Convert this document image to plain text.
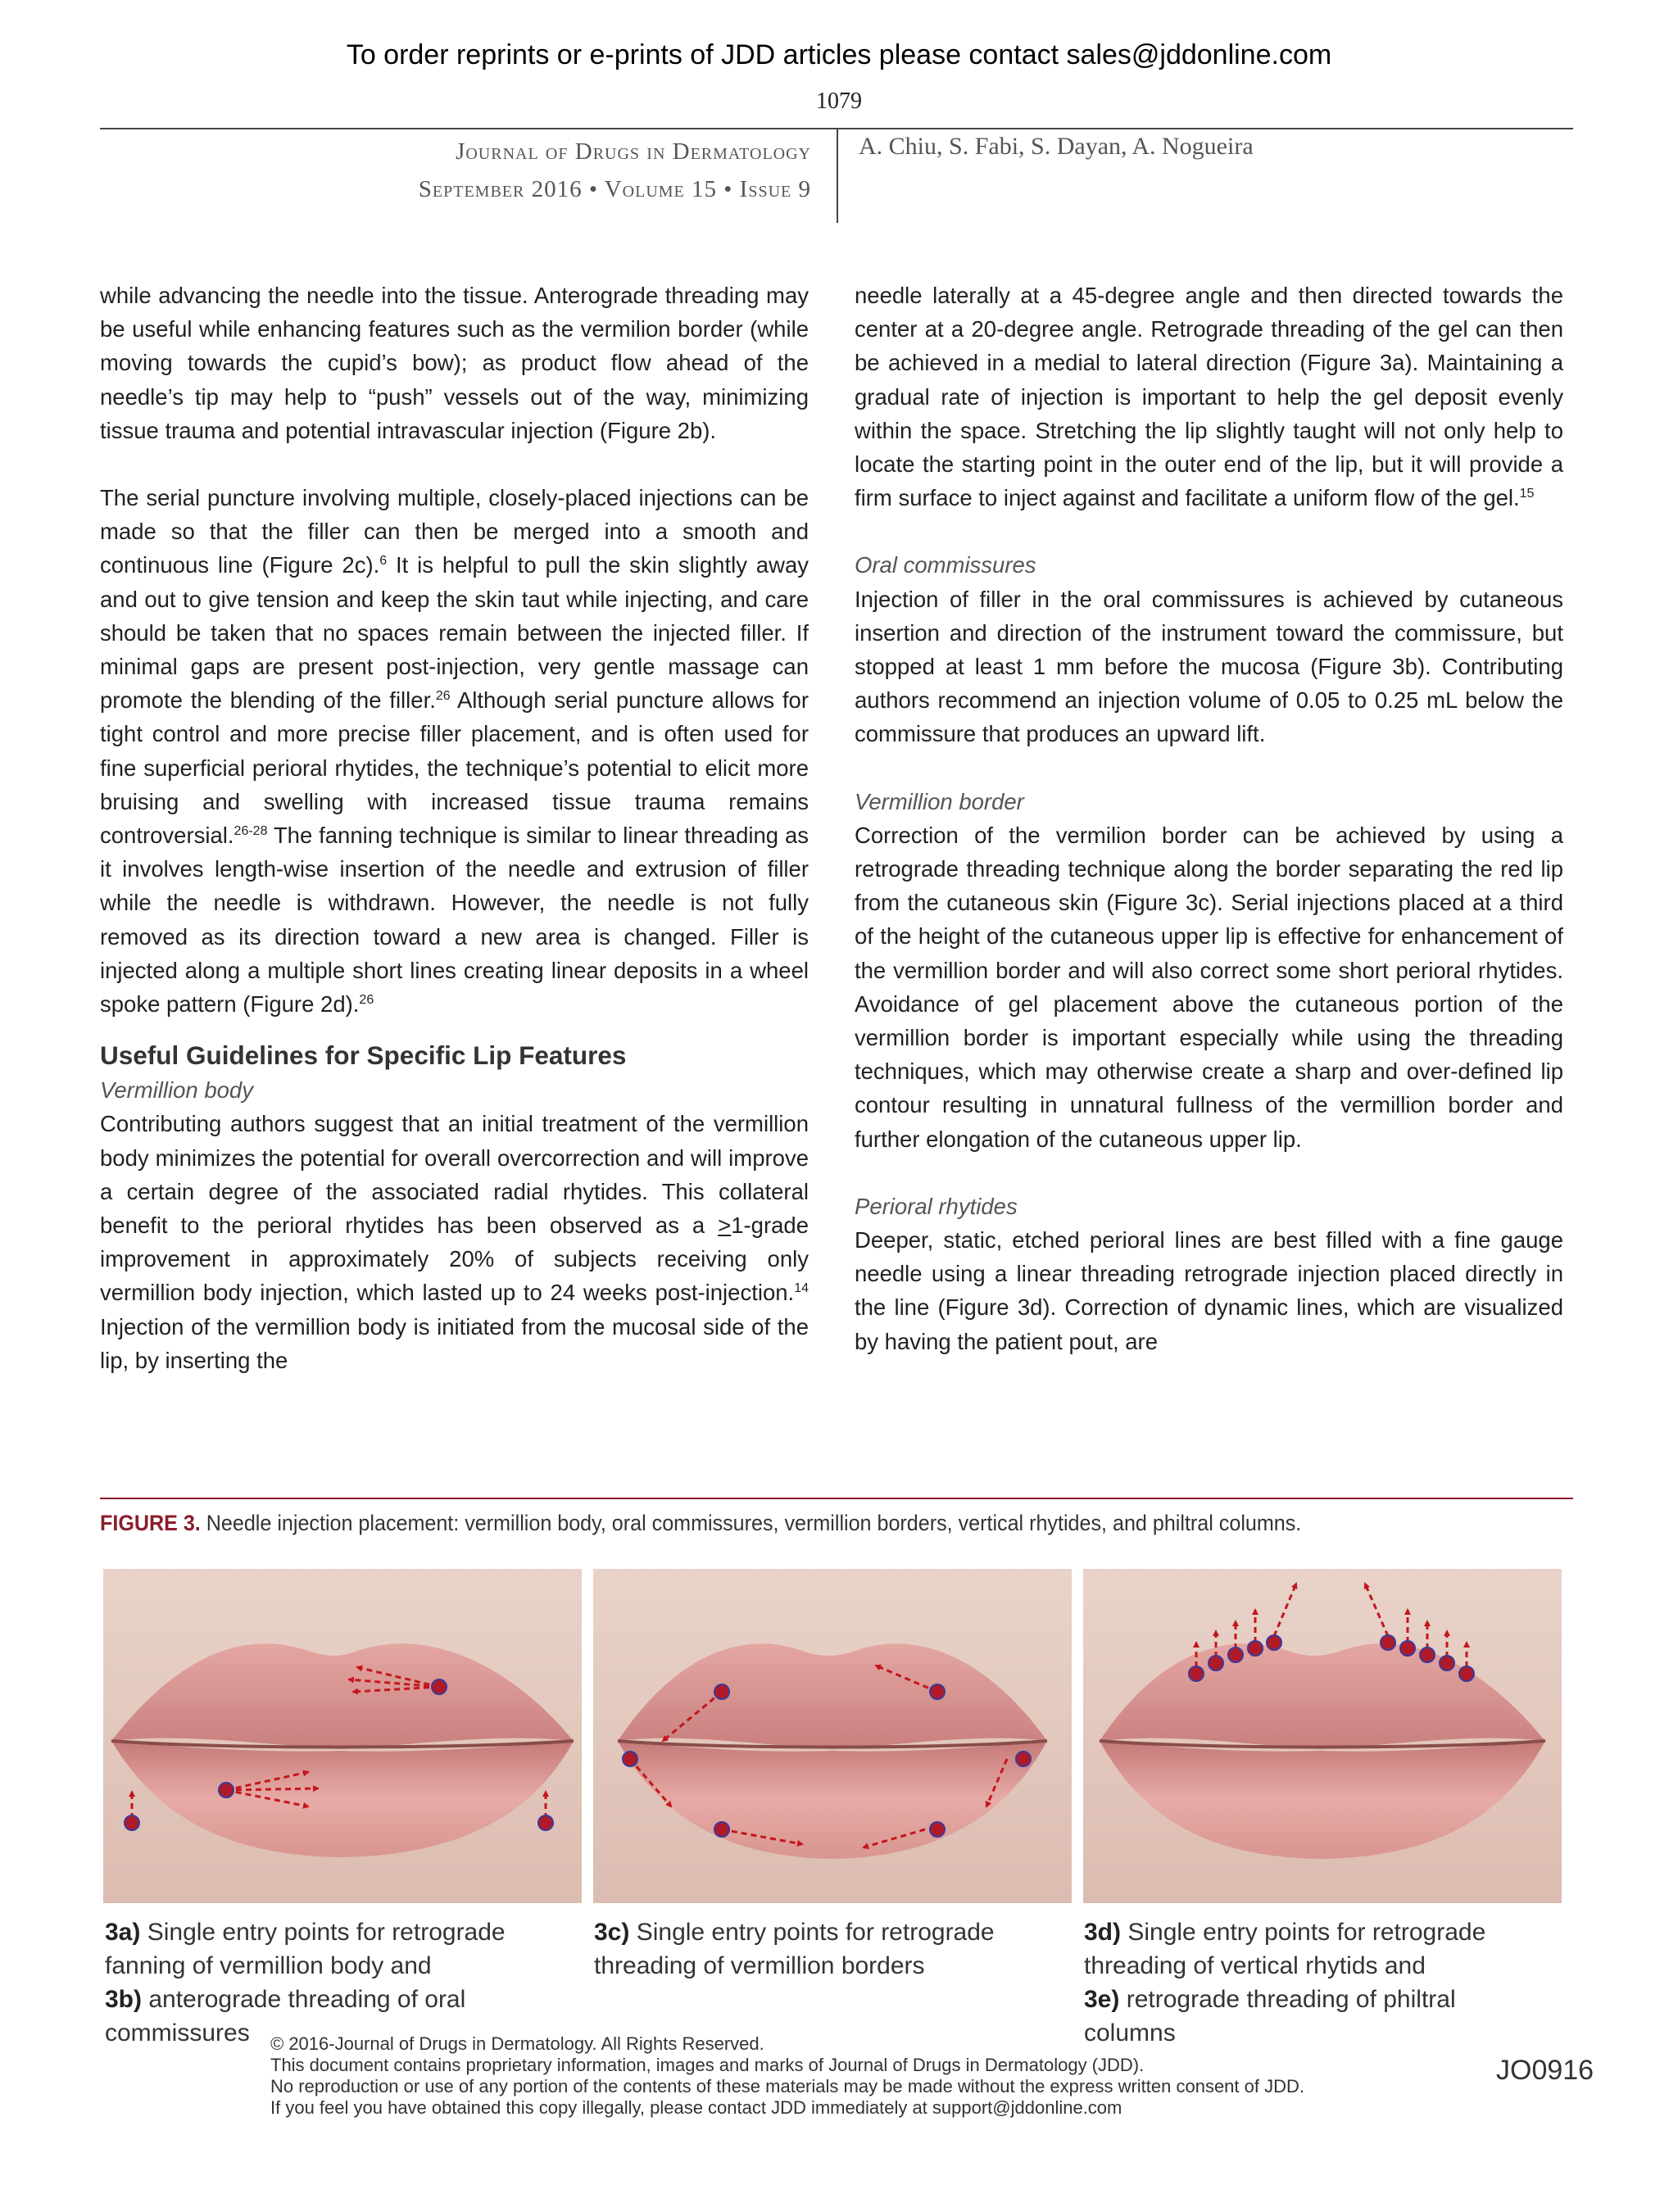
To order reprints or e-prints of JDD articles please contact sales@jddonline.com
1079
Journal of Drugs in Dermatology
September 2016 • Volume 15 • Issue 9
A. Chiu, S. Fabi, S. Dayan, A. Nogueira

while advancing the needle into the tissue. Anterograde threading may be useful while enhancing features such as the vermilion border (while moving towards the cupid’s bow); as product flow ahead of the needle’s tip may help to “push” vessels out of the way, minimizing tissue trauma and potential intravascular injection (Figure 2b).

The serial puncture involving multiple, closely-placed injections can be made so that the filler can then be merged into a smooth and continuous line (Figure 2c).$^6$ It is helpful to pull the skin slightly away and out to give tension and keep the skin taut while injecting, and care should be taken that no spaces remain between the injected filler. If minimal gaps are present post-injection, very gentle massage can promote the blending of the filler.$^{26}$ Although serial puncture allows for tight control and more precise filler placement, and is often used for fine superficial perioral rhytides, the technique’s potential to elicit more bruising and swelling with increased tissue trauma remains controversial.$^{26-28}$ The fanning technique is similar to linear threading as it involves length-wise insertion of the needle and extrusion of filler while the needle is withdrawn. However, the needle is not fully removed as its direction toward a new area is changed. Filler is injected along a multiple short lines creating linear deposits in a wheel spoke pattern (Figure 2d).$^{26}$

Useful Guidelines for Specific Lip Features

Vermillion body

Contributing authors suggest that an initial treatment of the vermillion body minimizes the potential for overall overcorrection and will improve a certain degree of the associated radial rhytides. This collateral benefit to the perioral rhytides has been observed as a >1-grade improvement in approximately 20% of subjects receiving only vermillion body injection, which lasted up to 24 weeks post-injection.$^{14}$ Injection of the vermillion body is initiated from the mucosal side of the lip, by inserting the

needle laterally at a 45-degree angle and then directed towards the center at a 20-degree angle. Retrograde threading of the gel can then be achieved in a medial to lateral direction (Figure 3a). Maintaining a gradual rate of injection is important to help the gel deposit evenly within the space. Stretching the lip slightly taught will not only help to locate the starting point in the outer end of the lip, but it will provide a firm surface to inject against and facilitate a uniform flow of the gel.$^{15}$

Oral commissures

Injection of filler in the oral commissures is achieved by cutaneous insertion and direction of the instrument toward the commissure, but stopped at least 1 mm before the mucosa (Figure 3b). Contributing authors recommend an injection volume of 0.05 to 0.25 mL below the commissure that produces an upward lift.

Vermillion border

Correction of the vermilion border can be achieved by using a retrograde threading technique along the border separating the red lip from the cutaneous skin (Figure 3c). Serial injections placed at a third of the height of the cutaneous upper lip is effective for enhancement of the vermillion border and will also correct some short perioral rhytides. Avoidance of gel placement above the cutaneous portion of the vermillion border is important especially while using the threading techniques, which may otherwise create a sharp and over-defined lip contour resulting in unnatural fullness of the vermillion border and further elongation of the cutaneous upper lip.

Perioral rhytides

Deeper, static, etched perioral lines are best filled with a fine gauge needle using a linear threading retrograde injection placed directly in the line (Figure 3d). Correction of dynamic lines, which are visualized by having the patient pout, are

FIGURE 3. Needle injection placement: vermillion body, oral commissures, vermillion borders, vertical rhytides, and philtral columns.
3a) Single entry points for retrograde fanning of vermillion body and
3b) anterograde threading of oral commissures
3c) Single entry points for retrograde threading of vermillion borders
3d) Single entry points for retrograde threading of vertical rhytids and
3e) retrograde threading of philtral columns
© 2016-Journal of Drugs in Dermatology. All Rights Reserved.
This document contains proprietary information, images and marks of Journal of Drugs in Dermatology (JDD).
No reproduction or use of any portion of the contents of these materials may be made without the express written consent of JDD.
If you feel you have obtained this copy illegally, please contact JDD immediately at support@jddonline.com
JO0916
